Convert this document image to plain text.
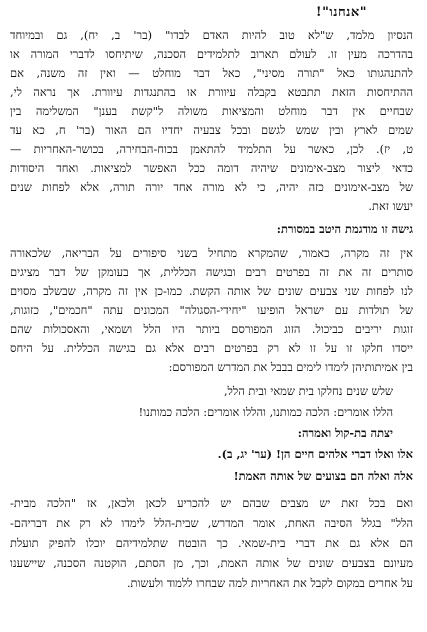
"אנחנו"!
הנסיון מלמד, ש"לא טוב להיות האדם לבדו" (בר' ב, יח), גם ובמיוחד
בהדרכה מעין זו. לעולם תארוב לתלמידים הסכנה, שיתיחסו לדברי המורה או
להתנהגותו כאל "תורה מסיני", כאל דבר מוחלט — ואין זה משנה, אם
ההתיחסות הזאת תתבטא בקבלה עיוורת או בהתנגדות עיוורת. אך נראה לי,
שבחיים אין דבר מוחלט והמציאות משולה ל"קשת בענן" המשלימה בין
שמים לארץ ובין שמש לגשם ובכל צבעיה יחדיו הם האור (בר' ח, כא עד
ט, יז). לכן, כאשר על התלמיד להתאמן בכוח-הבחירה, בכושר-האחריות —
כדאי ליצור מצב-אימונים שיהיה דומה ככל האפשר למציאות. ואחד היסודות
של מצב-אימונים כזה יהיה, כי לא מורה אחד יורה תורה, אלא לפחות שנים
יעשו זאת.
גישה זו מודגמת היטב במסורת:
אין זה מקרה, כאמור, שהמקרא מתחיל בשני סיפורים על הבריאה, שלכאורה
סותרים זה את זה בפרטים רבים ובגישה הכללית, אך בעומקן של דבר מציגים
לנו לפחות שני צבעים שונים של אותה הקשת. כמו-כן אין זה מקרה, שבשלב מסוים
של תולדות עם ישראל הופיעו "יחידי-הסגולה" המכונים עתה "חכמים", כזוגות,
זוגות יריבים כביכול. הזוג המפורסם ביותר היו הלל ושמאי, והאסכולות שהם
ייסדו חלקו זו על זו לא רק בפרטים רבים אלא גם בגישה הכללית. על היחס
בין אמיתותיהן לימדו לימים בבבל את המדרש המפורסם:
שלש שנים נחלקו בית שמאי ובית הלל,
הללו אומרים: הלכה כמותנו, והללו אומרים: הלכה כמותנו!
יצתה בת-קול ואמרה:
אלו ואלו דברי אלהים חיים הן! (ער' יג, ב).
אלה ואלה הם בצועים של אותה האמת!
ואם בכל זאת יש מצבים שבהם יש להכריע לכאן ולכאן, אז "הלכה מבית-
הלל" בגלל הסיבה האחת, אומר המדרש, שבית-הלל לימדו לא רק את דבריהם-
הם אלא גם את דברי בית-שמאי. כך הובטח שתלמידיהם יוכלו להפיק תועלת
מעיונם בצבעים שונים של אותה האמת, וכך, מן הסתם, הוקטנה הסכנה, שיישענו
על אחרים במקום לקבל את האחריות למה שבחרו ללמוד ולעשות.
